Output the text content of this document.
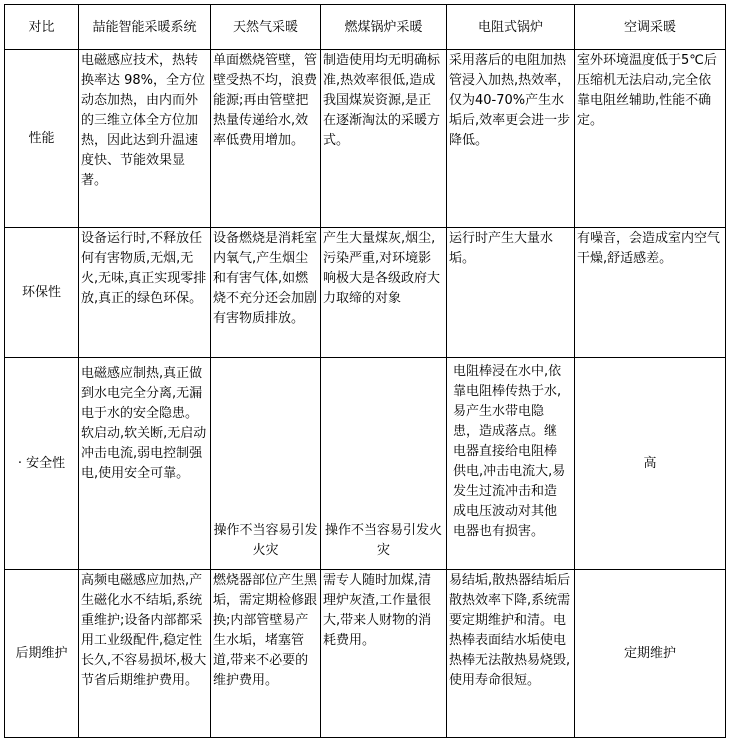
对比	喆能智能采暖系统	天然气采暖	燃煤锅炉采暖	电阻式锅炉	空调采暖
性能	电磁感应技术，热转换率达 98%，全方位动态加热，由内而外的三维立体全方位加热，因此达到升温速度快、节能效果显著。	单面燃烧管壁，管壁受热不均，浪费能源;再由管壁把热量传递给水,效率低费用增加。	制造使用均无明确标准,热效率很低,造成我国煤炭资源,是正在逐渐淘汰的采暖方式。	采用落后的电阻加热管浸入加热,热效率，仅为40-70%产生水垢后,效率更会进一步降低。	室外环境温度低于5℃后压缩机无法启动,完全依靠电阻丝辅助,性能不确定。
环保性	设备运行时,不释放任何有害物质,无烟,无火,无味,真正实现零排放,真正的绿色环保。	设备燃烧是消耗室内氧气,产生烟尘和有害气体,如燃烧不充分还会加剧有害物质排放。	产生大量煤灰,烟尘,污染严重,对环境影响极大是各级政府大力取缔的对象	运行时产生大量水垢。	有噪音，会造成室内空气干燥,舒适感差。
· 安全性	电磁感应制热,真正做到水电完全分离,无漏电于水的安全隐患。软启动,软关断,无启动冲击电流,弱电控制强电,使用安全可靠。	操作不当容易引发火灾	操作不当容易引发火灾	电阻棒浸在水中,依靠电阻棒传热于水,易产生水带电隐患，造成落点。继电器直接给电阻棒供电,冲击电流大,易发生过流冲击和造成电压波动对其他电器也有损害。	高
后期维护	高频电磁感应加热,产生磁化水不结垢,系统重维护;设备内部都采用工业级配件,稳定性长久,不容易损坏,极大节省后期维护费用。	燃烧器部位产生黑垢，需定期检修跟换;内部管壁易产生水垢，堵塞管道,带来不必要的维护费用。	需专人随时加煤,清理炉灰渣,工作量很大,带来人财物的消耗费用。	易结垢,散热器结垢后散热效率下降,系统需要定期维护和清。电热棒表面结水垢使电热棒无法散热易烧毁,使用寿命很短。	定期维护
